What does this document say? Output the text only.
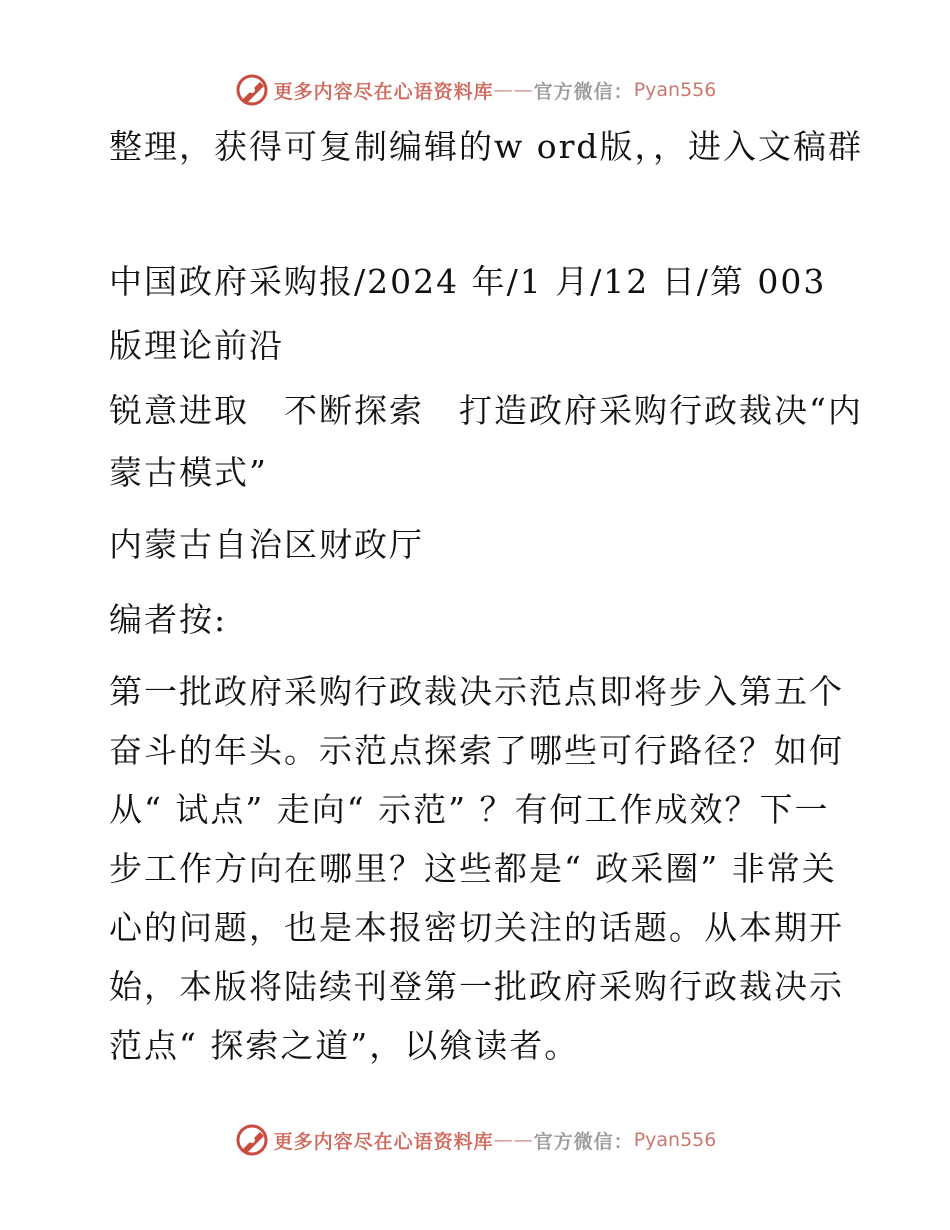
更多内容尽在心语资料库 —— 官方微信： Pyan556

整理，获得可复制编辑的w ord版，，进入文稿群

中国政府采购报/2024 年/1 月/12 日/第 003 版理论前沿

锐意进取　不断探索　打造政府采购行政裁决“内蒙古模式”

内蒙古自治区财政厅

编者按:

第一批政府采购行政裁决示范点即将步入第五个奋斗的年头。示范点探索了哪些可行路径？如何从“ 试点” 走向“ 示范” ？有何工作成效？下一步工作方向在哪里？这些都是“ 政采圈” 非常关心的问题，也是本报密切关注的话题。从本期开始，本版将陆续刊登第一批政府采购行政裁决示范点“ 探索之道”，以飨读者。

更多内容尽在心语资料库 —— 官方微信： Pyan556
